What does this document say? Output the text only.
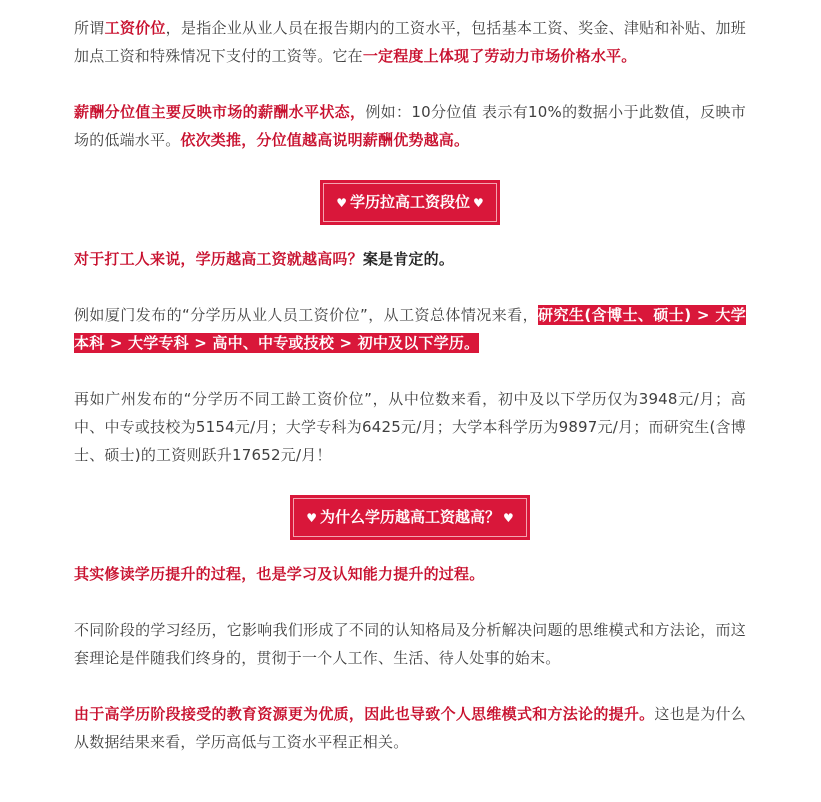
所谓工资价位，是指企业从业人员在报告期内的工资水平，包括基本工资、奖金、津贴和补贴、加班加点工资和特殊情况下支付的工资等。它在一定程度上体现了劳动力市场价格水平。

薪酬分位值主要反映市场的薪酬水平状态，例如：10分位值 表示有10%的数据小于此数值，反映市场的低端水平。依次类推，分位值越高说明薪酬优势越高。

♥ 学历拉高工资段位 ♥

对于打工人来说，学历越高工资就越高吗？案是肯定的。

例如厦门发布的“分学历从业人员工资价位”，从工资总体情况来看，研究生(含博士、硕士) > 大学本科 > 大学专科 > 高中、中专或技校 > 初中及以下学历。

再如广州发布的“分学历不同工龄工资价位”，从中位数来看，初中及以下学历仅为3948元/月；高中、中专或技校为5154元/月；大学专科为6425元/月；大学本科学历为9897元/月；而研究生(含博士、硕士)的工资则跃升17652元/月！

♥ 为什么学历越高工资越高？ ♥

其实修读学历提升的过程，也是学习及认知能力提升的过程。

不同阶段的学习经历，它影响我们形成了不同的认知格局及分析解决问题的思维模式和方法论，而这套理论是伴随我们终身的，贯彻于一个人工作、生活、待人处事的始末。

由于高学历阶段接受的教育资源更为优质，因此也导致个人思维模式和方法论的提升。这也是为什么从数据结果来看，学历高低与工资水平程正相关。
